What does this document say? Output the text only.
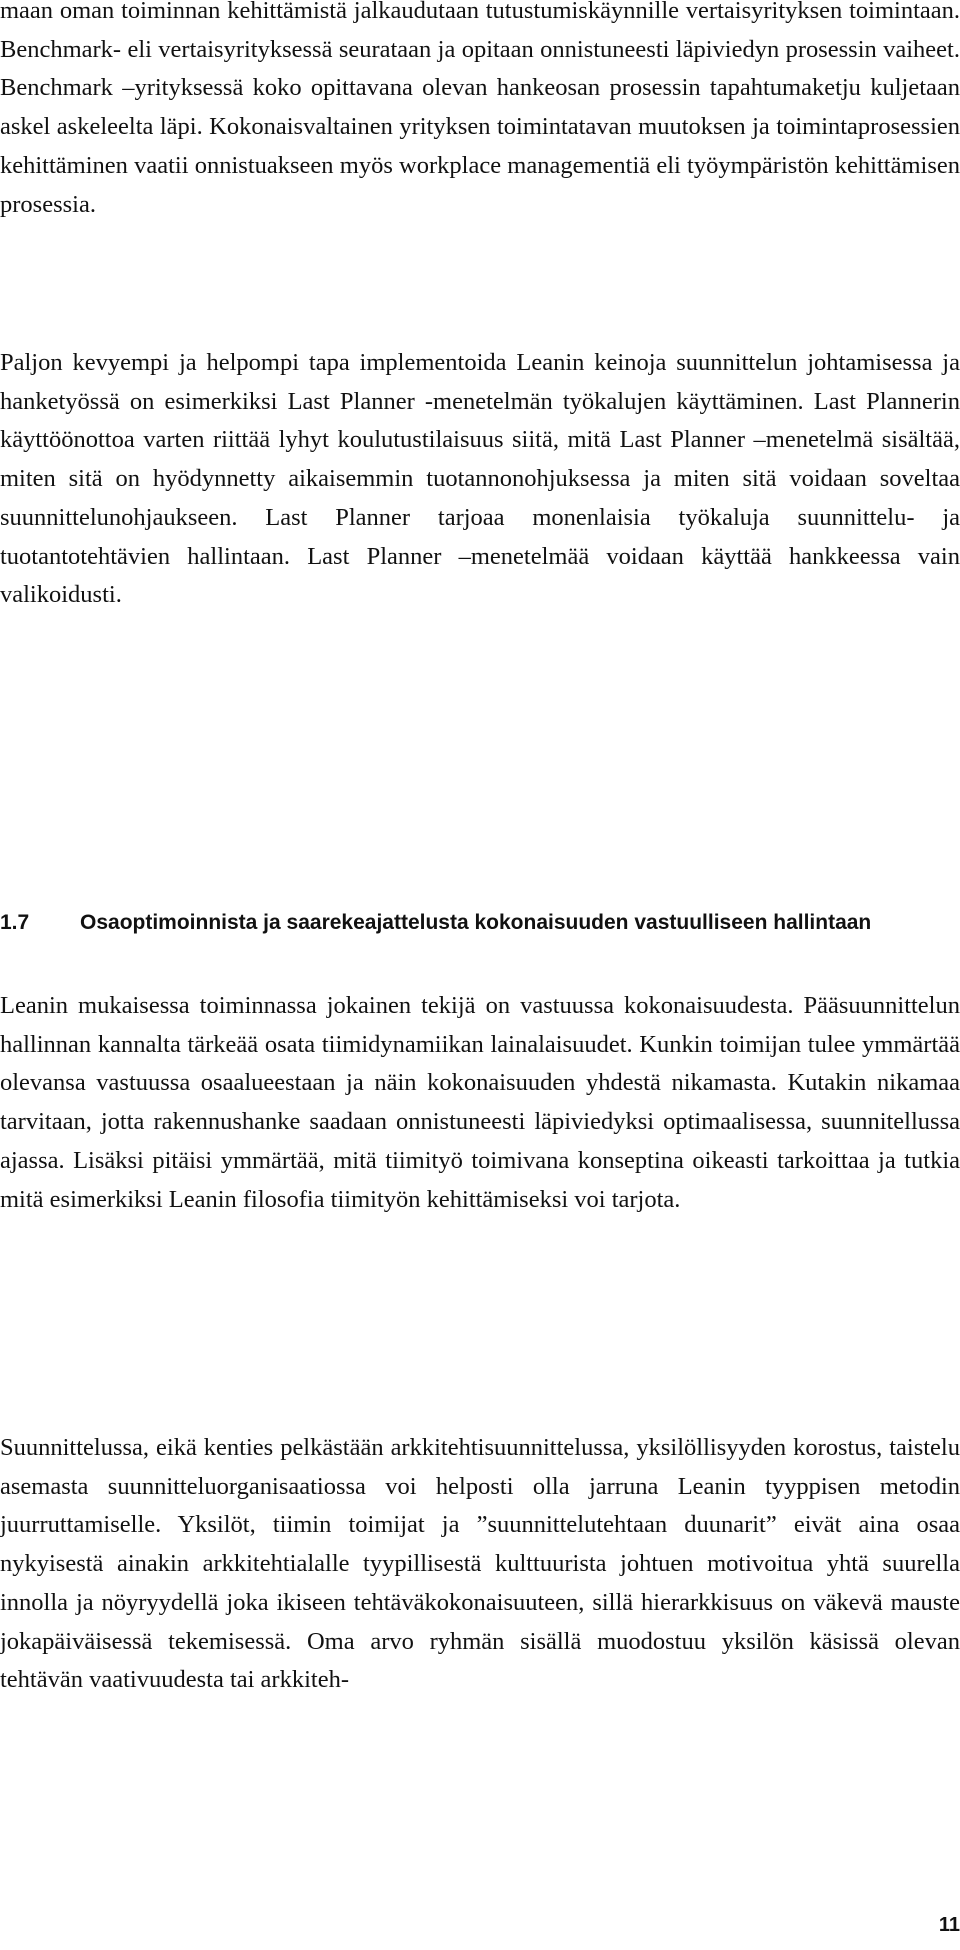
maan oman toiminnan kehittämistä jalkaudutaan tutustumiskäynnille vertaisyrityksen toimintaan. Benchmark- eli vertaisyrityksessä seurataan ja opitaan onnistuneesti läpiviedyn prosessin vaiheet. Benchmark –yrityksessä koko opittavana olevan hankeosan prosessin tapahtumaketju kuljetaan askel askeleelta läpi. Kokonaisvaltainen yrityksen toimintatavan muutoksen ja toimintaprosessien kehittäminen vaatii onnistuakseen myös workplace managementiä eli työympäristön kehittämisen prosessia.

Paljon kevyempi ja helpompi tapa implementoida Leanin keinoja suunnittelun johtamisessa ja hanketyössä on esimerkiksi Last Planner -menetelmän työkalujen käyttäminen. Last Plannerin käyttöönottoa varten riittää lyhyt koulutustilaisuus siitä, mitä Last Planner –menetelmä sisältää, miten sitä on hyödynnetty aikaisemmin tuotannonohjuksessa ja miten sitä voidaan soveltaa suunnittelunohjaukseen. Last Planner tarjoaa monenlaisia työkaluja suunnittelu- ja tuotantotehtävien hallintaan. Last Planner –menetelmää voidaan käyttää hankkeessa vain valikoidusti.

1.7 Osaoptimoinnista ja saarekeajattelusta kokonaisuuden vastuulliseen hallintaan

Leanin mukaisessa toiminnassa jokainen tekijä on vastuussa kokonaisuudesta. Pääsuunnittelun hallinnan kannalta tärkeää osata tiimidynamiikan lainalaisuudet. Kunkin toimijan tulee ymmärtää olevansa vastuussa osaalueestaan ja näin kokonaisuuden yhdestä nikamasta. Kutakin nikamaa tarvitaan, jotta rakennushanke saadaan onnistuneesti läpiviedyksi optimaalisessa, suunnitellussa ajassa. Lisäksi pitäisi ymmärtää, mitä tiimityö toimivana konseptina oikeasti tarkoittaa ja tutkia mitä esimerkiksi Leanin filosofia tiimityön kehittämiseksi voi tarjota.

Suunnittelussa, eikä kenties pelkästään arkkitehtisuunnittelussa, yksilöllisyyden korostus, taistelu asemasta suunnitteluorganisaatiossa voi helposti olla jarruna Leanin tyyppisen metodin juurruttamiselle. Yksilöt, tiimin toimijat ja ”suunnittelutehtaan duunarit” eivät aina osaa nykyisestä ainakin arkkitehtialalle tyypillisestä kulttuurista johtuen motivoitua yhtä suurella innolla ja nöyryydellä joka ikiseen tehtäväkokonaisuuteen, sillä hierarkkisuus on väkevä mauste jokapäiväisessä tekemisessä. Oma arvo ryhmän sisällä muodostuu yksilön käsissä olevan tehtävän vaativuudesta tai arkkiteh-

11
